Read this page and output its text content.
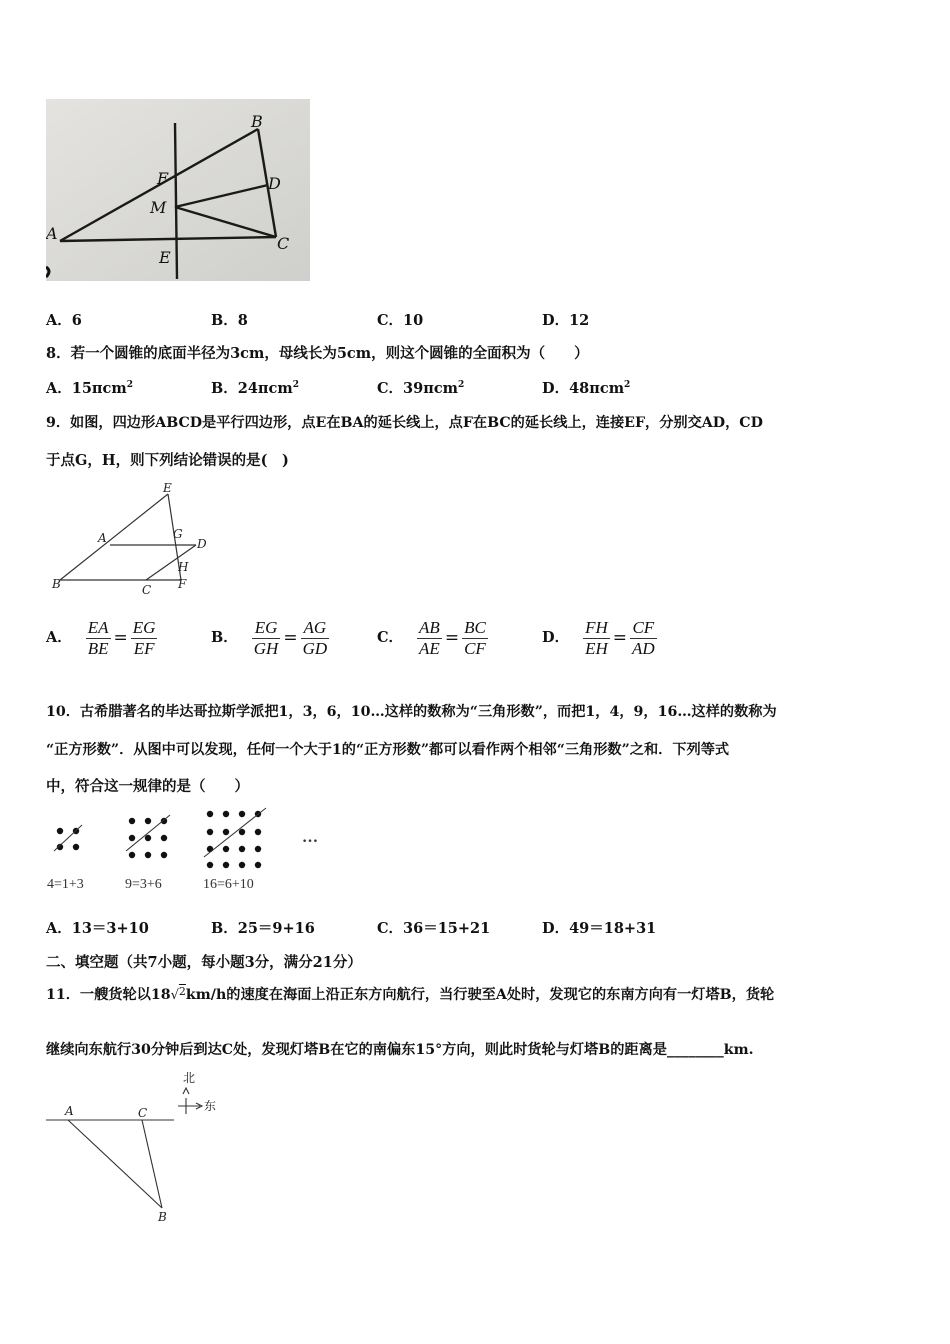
B
D
F
M
A
C
E
A．6	B．8	C．10	D．12
8．若一个圆锥的底面半径为3cm，母线长为5cm，则这个圆锥的全面积为（　　）
A．15πcm$^2$	B．24πcm$^2$	C．39πcm$^2$	D．48πcm$^2$
9．如图，四边形ABCD是平行四边形，点E在BA的延长线上，点F在BC的延长线上，连接EF，分别交AD，CD
于点G，H，则下列结论错误的是(　)
E
A	G
D
H
B	C F
A． $\frac{EA}{BE} = \frac{EG}{EF}$	B． $\frac{EG}{GH} = \frac{AG}{GD}$	C． $\frac{AB}{AE} = \frac{BC}{CF}$	D． $\frac{FH}{EH} = \frac{CF}{AD}$
10．古希腊著名的毕达哥拉斯学派把1，3，6，10…这样的数称为“三角形数”，而把1，4，9，16…这样的数称为
“正方形数”．从图中可以发现，任何一个大于1的“正方形数”都可以看作两个相邻“三角形数”之和．下列等式
中，符合这一规律的是（　　）
…
4=1+3	9=3+6	16=6+10
A．13＝3+10	B．25＝9+16	C．36＝15+21	D．49＝18+31
二、填空题（共7小题，每小题3分，满分21分）
11．一艘货轮以18√$^2$km/h的速度在海面上沿正东方向航行，当行驶至A处时，发现它的东南方向有一灯塔B，货轮
继续向东航行30分钟后到达C处，发现灯塔B在它的南偏东15°方向，则此时货轮与灯塔B的距离是________km.
北
东
A	C
B
